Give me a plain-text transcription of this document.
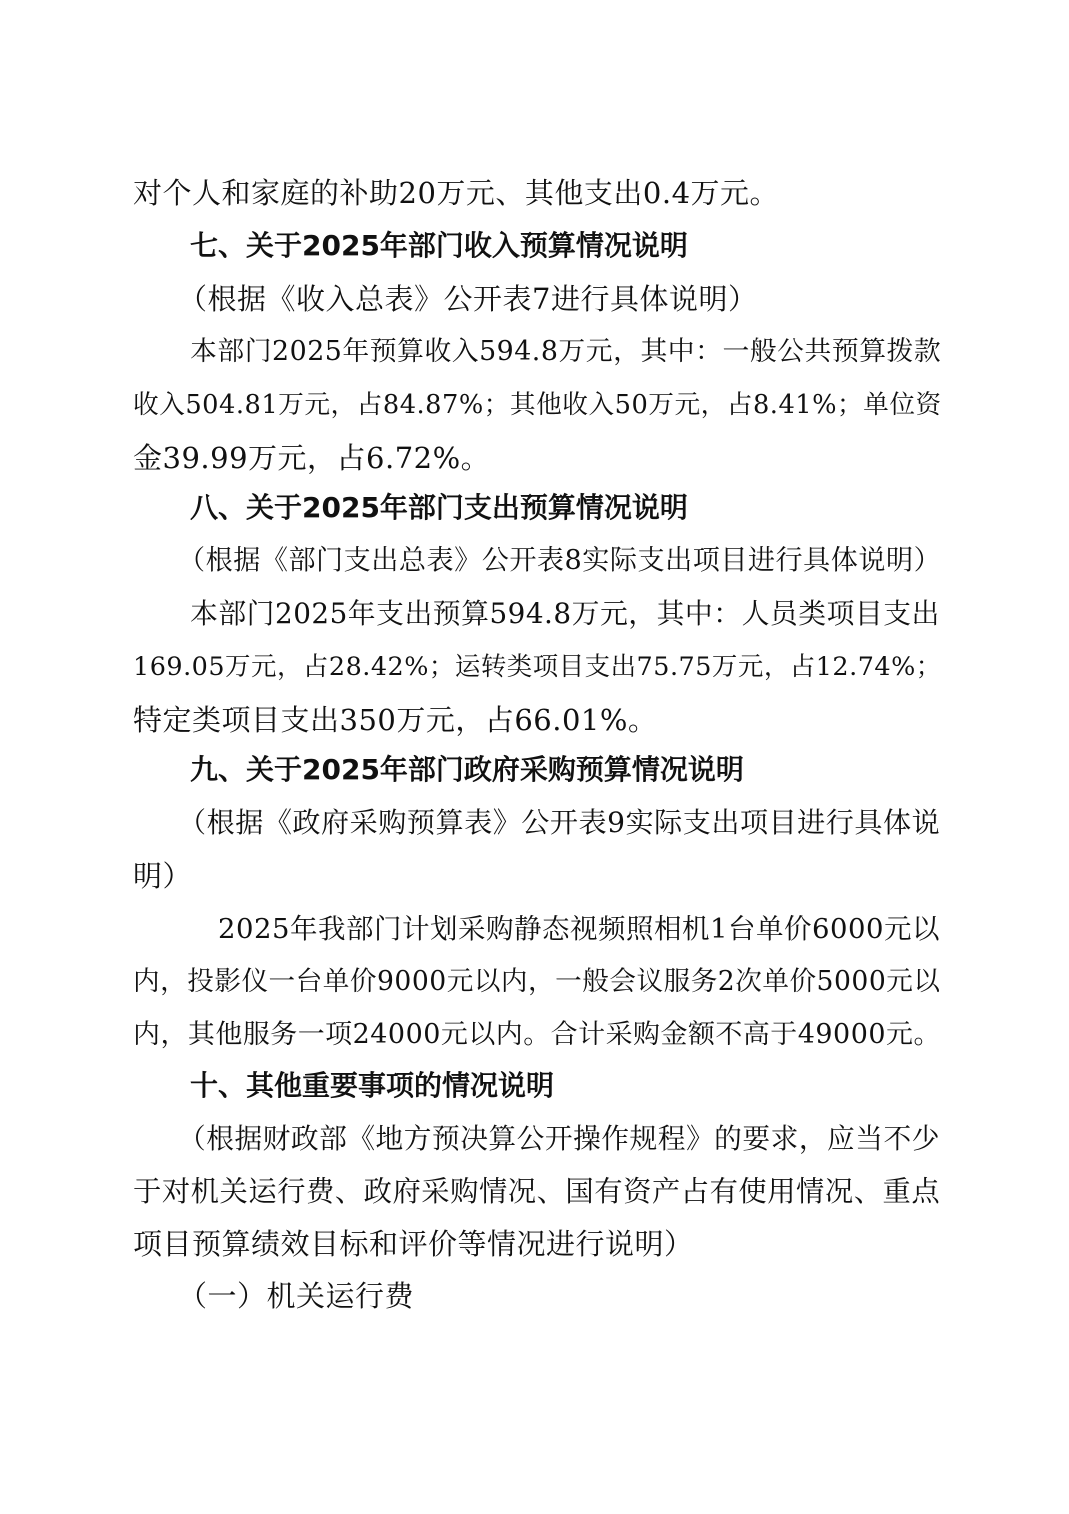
对个人和家庭的补助20万元、其他支出0.4万元。
七、关于2025年部门收入预算情况说明
（根据《收入总表》公开表7进行具体说明）
本部门2025年预算收入594.8万元，其中：一般公共预算拨款
收入504.81万元，占84.87%；其他收入50万元，占8.41%；单位资
金39.99万元，占6.72%。
八、关于2025年部门支出预算情况说明
（根据《部门支出总表》公开表8实际支出项目进行具体说明）
本部门2025年支出预算594.8万元，其中：人员类项目支出
169.05万元，占28.42%；运转类项目支出75.75万元，占12.74%；
特定类项目支出350万元，占66.01%。
九、关于2025年部门政府采购预算情况说明
（根据《政府采购预算表》公开表9实际支出项目进行具体说
明）
2025年我部门计划采购静态视频照相机1台单价6000元以
内，投影仪一台单价9000元以内，一般会议服务2次单价5000元以
内，其他服务一项24000元以内。合计采购金额不高于49000元。
十、其他重要事项的情况说明
（根据财政部《地方预决算公开操作规程》的要求，应当不少
于对机关运行费、政府采购情况、国有资产占有使用情况、重点
项目预算绩效目标和评价等情况进行说明）
（一）机关运行费
